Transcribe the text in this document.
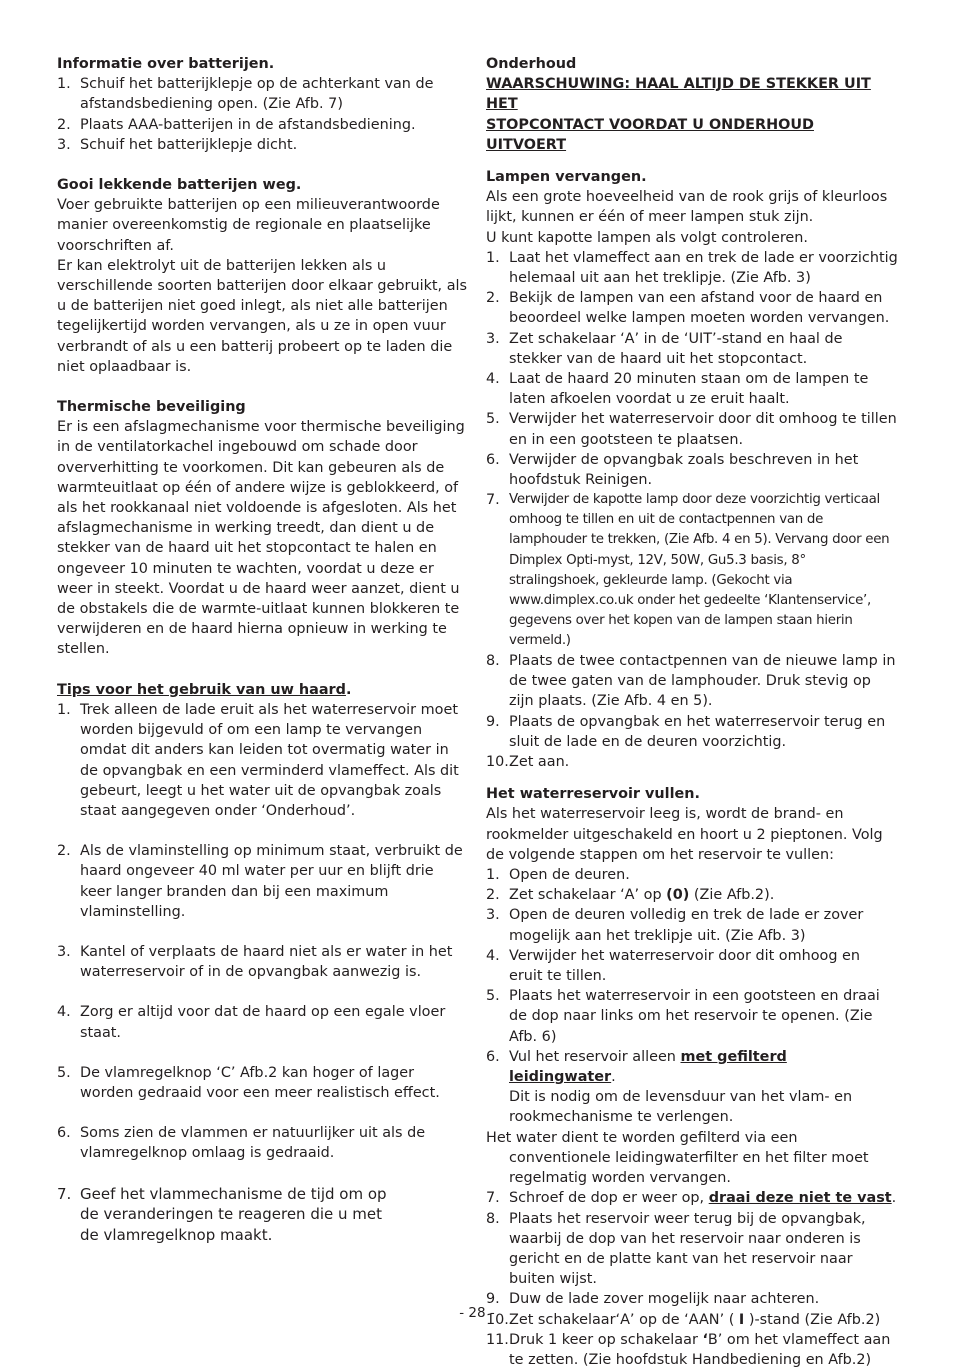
Informatie over batterijen.

1. Schuif het batterijklepje op de achterkant van de afstandsbediening open. (Zie Afb. 7)
2. Plaats AAA-batterijen in de afstandsbediening.
3. Schuif het batterijklepje dicht.

Gooi lekkende batterijen weg.

Voer gebruikte batterijen op een milieuverantwoorde manier overeenkomstig de regionale en plaatselijke voorschriften af.

Er kan elektrolyt uit de batterijen lekken als u verschillende soorten batterijen door elkaar gebruikt, als u de batterijen niet goed inlegt, als niet alle batterijen tegelijkertijd worden vervangen, als u ze in open vuur verbrandt of als u een batterij probeert op te laden die niet oplaadbaar is.

Thermische beveiliging

Er is een afslagmechanisme voor thermische beveiliging in de ventilatorkachel ingebouwd om schade door oververhitting te voorkomen. Dit kan gebeuren als de warmteuitlaat op één of andere wijze is geblokkeerd, of als het rookkanaal niet voldoende is afgesloten. Als het afslagmechanisme in werking treedt, dan dient u de stekker van de haard uit het stopcontact te halen en ongeveer 10 minuten te wachten, voordat u deze er weer in steekt. Voordat u de haard weer aanzet, dient u de obstakels die de warmte-uitlaat kunnen blokkeren te verwijderen en de haard hierna opnieuw in werking te stellen.

Tips voor het gebruik van uw haard.

1. Trek alleen de lade eruit als het waterreservoir moet worden bijgevuld of om een lamp te vervangen omdat dit anders kan leiden tot overmatig water in de opvangbak en een verminderd vlameffect. Als dit gebeurt, leegt u het water uit de opvangbak zoals staat aangegeven onder ‘Onderhoud’.
2. Als de vlaminstelling op minimum staat, verbruikt de haard ongeveer 40 ml water per uur en blijft drie keer langer branden dan bij een maximum vlaminstelling.
3. Kantel of verplaats de haard niet als er water in het waterreservoir of in de opvangbak aanwezig is.
4. Zorg er altijd voor dat de haard op een egale vloer staat.
5. De vlamregelknop ‘C’ Afb.2 kan hoger of lager worden gedraaid voor een meer realistisch effect.
6. Soms zien de vlammen er natuurlijker uit als de vlamregelknop omlaag is gedraaid.
7. Geef het vlammechanisme de tijd om op de veranderingen te reageren die u met de vlamregelknop maakt.

Onderhoud

WAARSCHUWING: HAAL ALTIJD DE STEKKER UIT HET

STOPCONTACT VOORDAT U ONDERHOUD UITVOERT

Lampen vervangen.

Als een grote hoeveelheid van de rook grijs of kleurloos lijkt, kunnen er één of meer lampen stuk zijn.

U kunt kapotte lampen als volgt controleren.

1. Laat het vlameffect aan en trek de lade er voorzichtig helemaal uit aan het treklipje. (Zie Afb. 3)
2. Bekijk de lampen van een afstand voor de haard en beoordeel welke lampen moeten worden vervangen.
3. Zet schakelaar ‘A’ in de ‘UIT’-stand en haal de stekker van de haard uit het stopcontact.
4. Laat de haard 20 minuten staan om de lampen te laten afkoelen voordat u ze eruit haalt.
5. Verwijder het waterreservoir door dit omhoog te tillen en in een gootsteen te plaatsen.
6. Verwijder de opvangbak zoals beschreven in het hoofdstuk Reinigen.
7. Verwijder de kapotte lamp door deze voorzichtig verticaal omhoog te tillen en uit de contactpennen van de lamphouder te trekken, (Zie Afb. 4 en 5). Vervang door een Dimplex Opti-myst, 12V, 50W, Gu5.3 basis, 8° stralingshoek, gekleurde lamp. (Gekocht via www.dimplex.co.uk onder het gedeelte ‘Klantenservice’, gegevens over het kopen van de lampen staan hierin vermeld.)
8. Plaats de twee contactpennen van de nieuwe lamp in de twee gaten van de lamphouder. Druk stevig op zijn plaats. (Zie Afb. 4 en 5).
9. Plaats de opvangbak en het waterreservoir terug en sluit de lade en de deuren voorzichtig.
10. Zet aan.

Het waterreservoir vullen.

Als het waterreservoir leeg is, wordt de brand- en rookmelder uitgeschakeld en hoort u 2 pieptonen. Volg de volgende stappen om het reservoir te vullen:

1. Open de deuren.
2. Zet schakelaar ‘A’ op (0) (Zie Afb.2).
3. Open de deuren volledig en trek de lade er zover mogelijk aan het treklipje uit. (Zie Afb. 3)
4. Verwijder het waterreservoir door dit omhoog en eruit te tillen.
5. Plaats het waterreservoir in een gootsteen en draai de dop naar links om het reservoir te openen. (Zie Afb. 6)
6. Vul het reservoir alleen met gefilterd leidingwater.
Dit is nodig om de levensduur van het vlam- en rookmechanisme te verlengen.

Het water dient te worden gefilterd via een conventionele leidingwaterfilter en het filter moet regelmatig worden vervangen.

7. Schroef de dop er weer op, draai deze niet te vast.
8. Plaats het reservoir weer terug bij de opvangbak, waarbij de dop van het reservoir naar onderen is gericht en de platte kant van het reservoir naar buiten wijst.
9. Duw de lade zover mogelijk naar achteren.
10. Zet schakelaar‘A’ op de ‘AAN’ ( I )-stand (Zie Afb.2)
11. Druk 1 keer op schakelaar ‘B’ om het vlameffect aan te zetten. (Zie hoofdstuk Handbediening en Afb.2)
- 28 -
